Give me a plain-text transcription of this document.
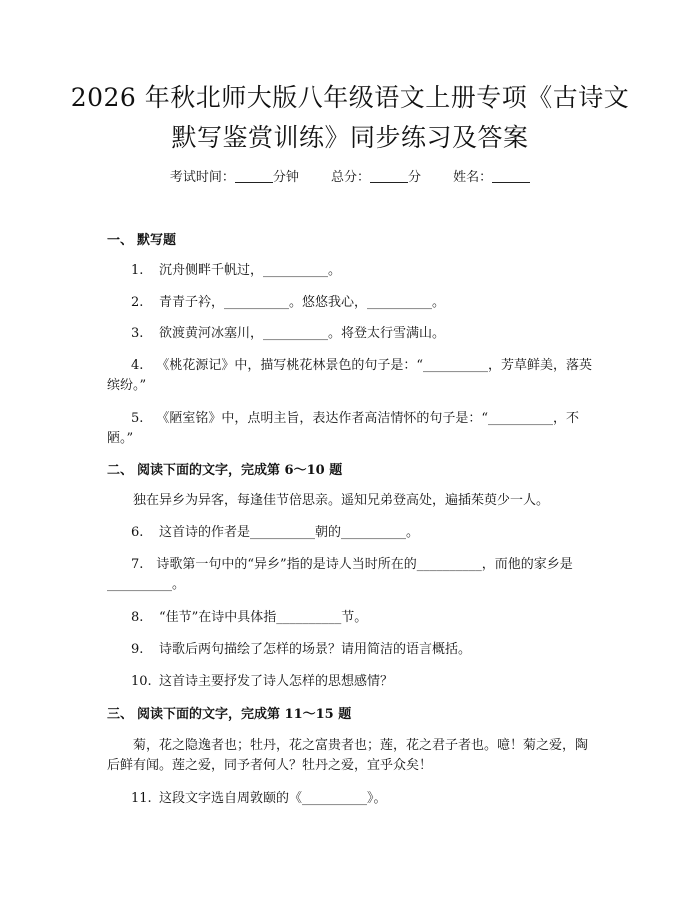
2026 年秋北师大版八年级语文上册专项《古诗文默写鉴赏训练》同步练习及答案
考试时间：	分钟 总分：	分 姓名：
一、 默写题
1. 沉舟侧畔千帆过，__________。
2. 青青子衿，__________。悠悠我心，__________。
3. 欲渡黄河冰塞川，__________。将登太行雪满山。
4.  《桃花源记》中，描写桃花林景色的句子是：“__________，芳草鲜美，落英缤纷。”
5.  《陋室铭》中，点明主旨，表达作者高洁情怀的句子是：“__________，不陋。”
二、 阅读下面的文字，完成第 6～10 题
独在异乡为异客，每逢佳节倍思亲。遥知兄弟登高处，遍插茱萸少一人。
6. 这首诗的作者是__________朝的__________。
7.  诗歌第一句中的“异乡”指的是诗人当时所在的__________，而他的家乡是__________。
8. “佳节”在诗中具体指__________节。
9. 诗歌后两句描绘了怎样的场景？请用简洁的语言概括。
10. 这首诗主要抒发了诗人怎样的思想感情？
三、 阅读下面的文字，完成第 11～15 题
菊，花之隐逸者也；牡丹，花之富贵者也；莲，花之君子者也。噫！菊之爱，陶后鲜有闻。莲之爱，同予者何人？牡丹之爱，宜乎众矣！
11. 这段文字选自周敦颐的《__________》。
